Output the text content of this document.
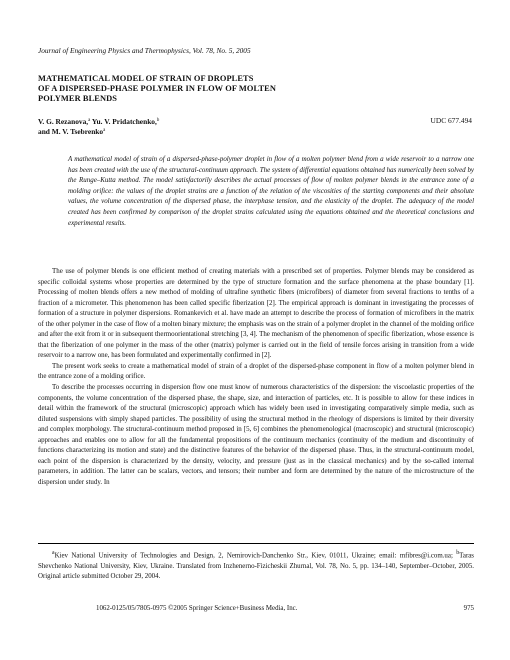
Journal of Engineering Physics and Thermophysics, Vol. 78, No. 5, 2005
MATHEMATICAL MODEL OF STRAIN OF DROPLETS
OF A DISPERSED-PHASE POLYMER IN FLOW OF MOLTEN
POLYMER BLENDS
V. G. Rezanova,$^a$ Yu. V. Pridatchenko,$^b$
and M. V. Tsebrenko$^a$
UDC 677.494
A mathematical model of strain of a dispersed-phase-polymer droplet in flow of a molten polymer blend from a wide reservoir to a narrow one has been created with the use of the structural-continuum approach. The system of differential equations obtained has numerically been solved by the Runge–Kutta method. The model satisfactorily describes the actual processes of flow of molten polymer blends in the entrance zone of a molding orifice: the values of the droplet strains are a function of the relation of the viscosities of the starting components and their absolute values, the volume concentration of the dispersed phase, the interphase tension, and the elasticity of the droplet. The adequacy of the model created has been confirmed by comparison of the droplet strains calculated using the equations obtained and the theoretical conclusions and experimental results.

The use of polymer blends is one efficient method of creating materials with a prescribed set of properties. Polymer blends may be considered as specific colloidal systems whose properties are determined by the type of structure formation and the surface phenomena at the phase boundary [1]. Processing of molten blends offers a new method of molding of ultrafine synthetic fibers (microfibers) of diameter from several fractions to tenths of a fraction of a micrometer. This phenomenon has been called specific fiberization [2]. The empirical approach is dominant in investigating the processes of formation of a structure in polymer dispersions. Romankevich et al. have made an attempt to describe the process of formation of microfibers in the matrix of the other polymer in the case of flow of a molten binary mixture; the emphasis was on the strain of a polymer droplet in the channel of the molding orifice and after the exit from it or in subsequent thermoorientational stretching [3, 4]. The mechanism of the phenomenon of specific fiberization, whose essence is that the fiberization of one polymer in the mass of the other (matrix) polymer is carried out in the field of tensile forces arising in transition from a wide reservoir to a narrow one, has been formulated and experimentally confirmed in [2].

The present work seeks to create a mathematical model of strain of a droplet of the dispersed-phase component in flow of a molten polymer blend in the entrance zone of a molding orifice.

To describe the processes occurring in dispersion flow one must know of numerous characteristics of the dispersion: the viscoelastic properties of the components, the volume concentration of the dispersed phase, the shape, size, and interaction of particles, etc. It is possible to allow for these indices in detail within the framework of the structural (microscopic) approach which has widely been used in investigating comparatively simple media, such as diluted suspensions with simply shaped particles. The possibility of using the structural method in the rheology of dispersions is limited by their diversity and complex morphology. The structural-continuum method proposed in [5, 6] combines the phenomenological (macroscopic) and structural (microscopic) approaches and enables one to allow for all the fundamental propositions of the continuum mechanics (continuity of the medium and discontinuity of functions characterizing its motion and state) and the distinctive features of the behavior of the dispersed phase. Thus, in the structural-continuum model, each point of the dispersion is characterized by the density, velocity, and pressure (just as in the classical mechanics) and by the so-called internal parameters, in addition. The latter can be scalars, vectors, and tensors; their number and form are determined by the nature of the microstructure of the dispersion under study. In

$^a$Kiev National University of Technologies and Design, 2, Nemirovich-Danchenko Str., Kiev, 01011, Ukraine; email: mfibres@i.com.ua; $^b$Taras Shevchenko National University, Kiev, Ukraine. Translated from Inzhenerno-Fizicheskii Zhurnal, Vol. 78, No. 5, pp. 134–140, September–October, 2005. Original article submitted October 29, 2004.

1062-0125/05/7805-0975 ©2005 Springer Science+Business Media, Inc.	975
